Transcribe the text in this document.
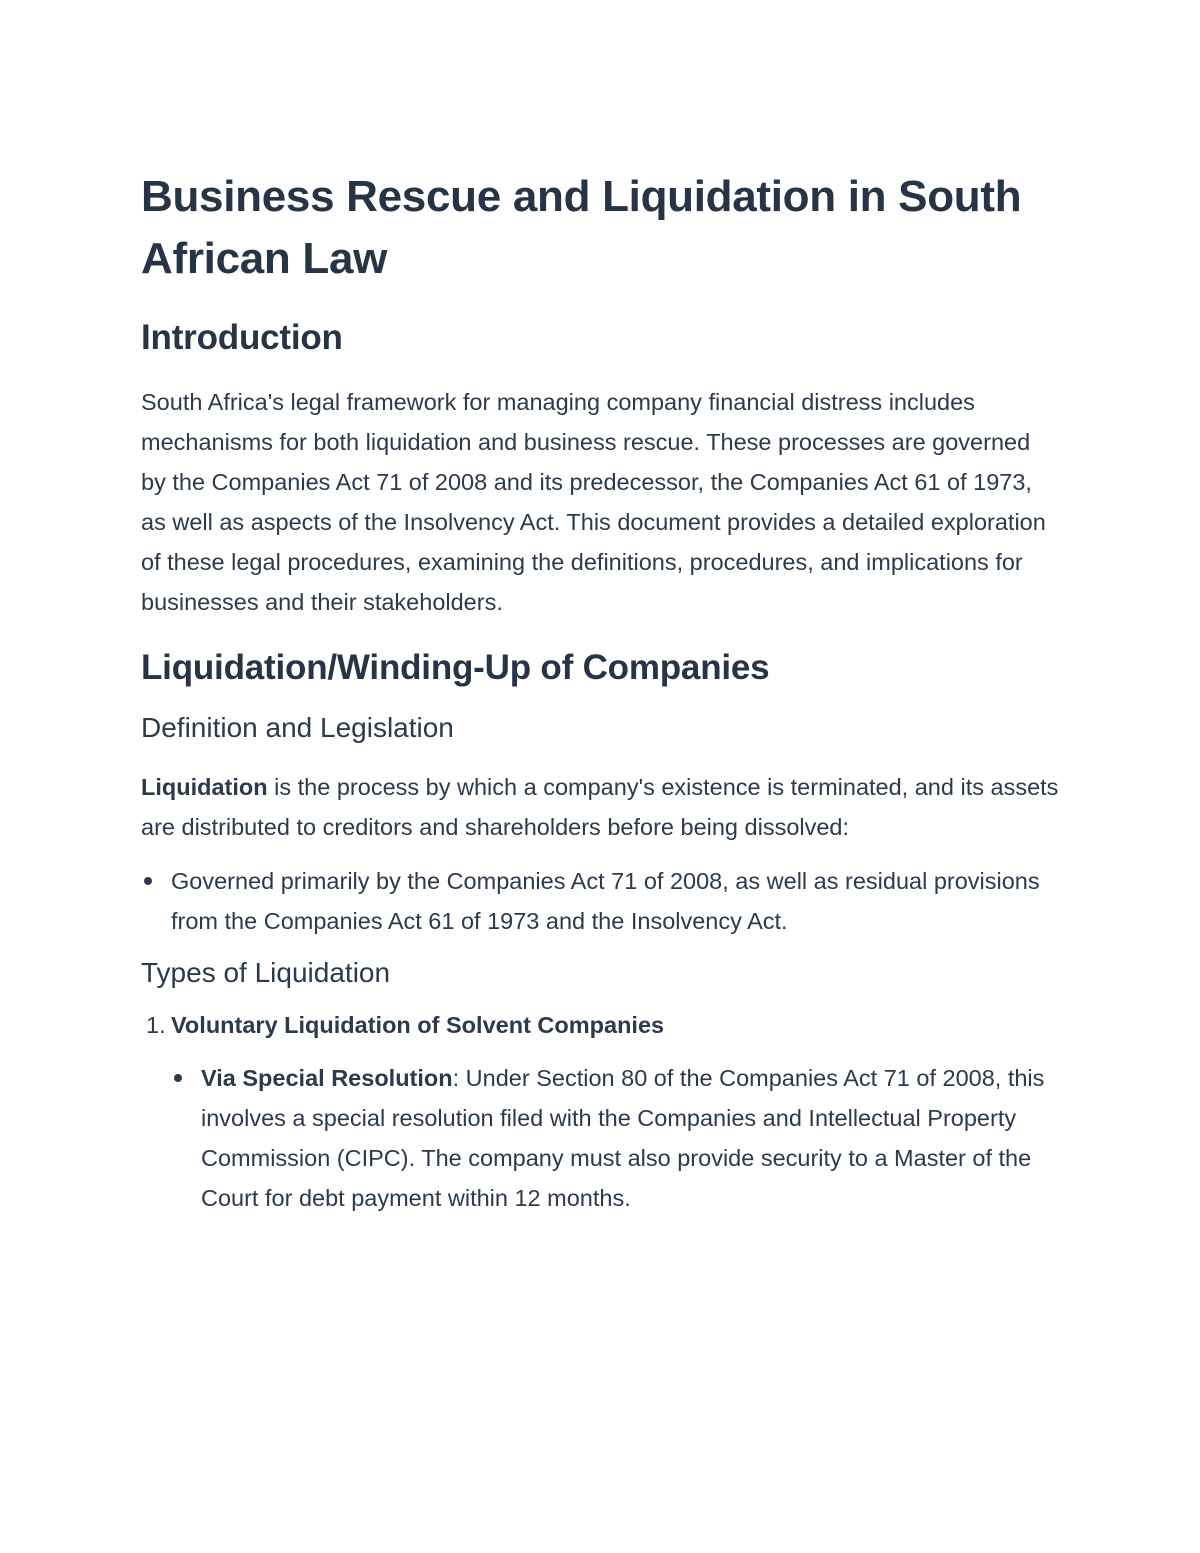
Business Rescue and Liquidation in South African Law
Introduction

South Africa's legal framework for managing company financial distress includes mechanisms for both liquidation and business rescue. These processes are governed by the Companies Act 71 of 2008 and its predecessor, the Companies Act 61 of 1973, as well as aspects of the Insolvency Act. This document provides a detailed exploration of these legal procedures, examining the definitions, procedures, and implications for businesses and their stakeholders.

Liquidation/Winding-Up of Companies
Definition and Legislation

Liquidation is the process by which a company's existence is terminated, and its assets are distributed to creditors and shareholders before being dissolved:

Governed primarily by the Companies Act 71 of 2008, as well as residual provisions from the Companies Act 61 of 1973 and the Insolvency Act.
Types of Liquidation
1. Voluntary Liquidation of Solvent Companies
Via Special Resolution: Under Section 80 of the Companies Act 71 of 2008, this involves a special resolution filed with the Companies and Intellectual Property Commission (CIPC). The company must also provide security to a Master of the Court for debt payment within 12 months.
